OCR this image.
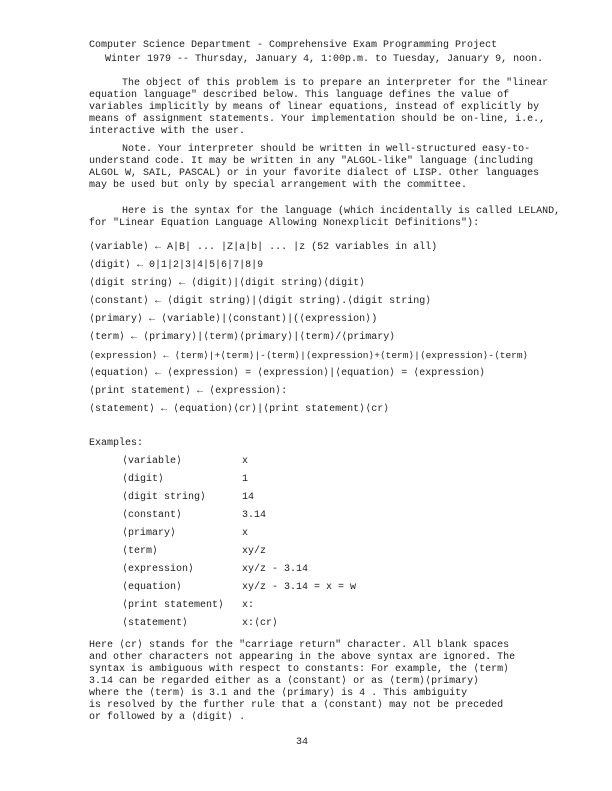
Computer Science Department - Comprehensive Exam Programming Project
Winter 1979 -- Thursday, January 4, 1:00p.m. to Tuesday, January 9, noon.
The object of this problem is to prepare an interpreter for the "linear
equation language" described below. This language defines the value of
variables implicitly by means of linear equations, instead of explicitly by
means of assignment statements. Your implementation should be on-line, i.e.,
interactive with the user.
Note. Your interpreter should be written in well-structured easy-to-
understand code. It may be written in any "ALGOL-like" language (including
ALGOL W, SAIL, PASCAL) or in your favorite dialect of LISP. Other languages
may be used but only by special arrangement with the committee.
Here is the syntax for the language (which incidentally is called LELAND,
for "Linear Equation Language Allowing Nonexplicit Definitions"):
⟨variable⟩ ← A|B| ... |Z|a|b| ... |z (52 variables in all)
⟨digit⟩ ← 0|1|2|3|4|5|6|7|8|9
⟨digit string⟩ ← ⟨digit⟩|⟨digit string⟩⟨digit⟩
⟨constant⟩ ← ⟨digit string⟩|⟨digit string⟩.⟨digit string⟩
⟨primary⟩ ← ⟨variable⟩|⟨constant⟩|(⟨expression⟩)
⟨term⟩ ← ⟨primary⟩|⟨term⟩⟨primary⟩|⟨term⟩/⟨primary⟩
⟨expression⟩ ← ⟨term⟩|+⟨term⟩|-⟨term⟩|⟨expression⟩+⟨term⟩|⟨expression⟩-⟨term⟩
⟨equation⟩ ← ⟨expression⟩ = ⟨expression⟩|⟨equation⟩ = ⟨expression⟩
⟨print statement⟩ ← ⟨expression⟩:
⟨statement⟩ ← ⟨equation⟩⟨cr⟩|⟨print statement⟩⟨cr⟩
Examples:
⟨variable⟩	x
⟨digit⟩	1
⟨digit string⟩	14
⟨constant⟩	3.14
⟨primary⟩	x
⟨term⟩	xy/z
⟨expression⟩	xy/z - 3.14
⟨equation⟩	xy/z - 3.14 = x = w
⟨print statement⟩ x:
⟨statement⟩	x:⟨cr⟩
Here ⟨cr⟩ stands for the "carriage return" character. All blank spaces
and other characters not appearing in the above syntax are ignored. The
syntax is ambiguous with respect to constants: For example, the ⟨term⟩
3.14 can be regarded either as a ⟨constant⟩ or as ⟨term⟩⟨primary⟩
where the ⟨term⟩ is 3.1 and the ⟨primary⟩ is 4 . This ambiguity
is resolved by the further rule that a ⟨constant⟩ may not be preceded
or followed by a ⟨digit⟩ .
34
